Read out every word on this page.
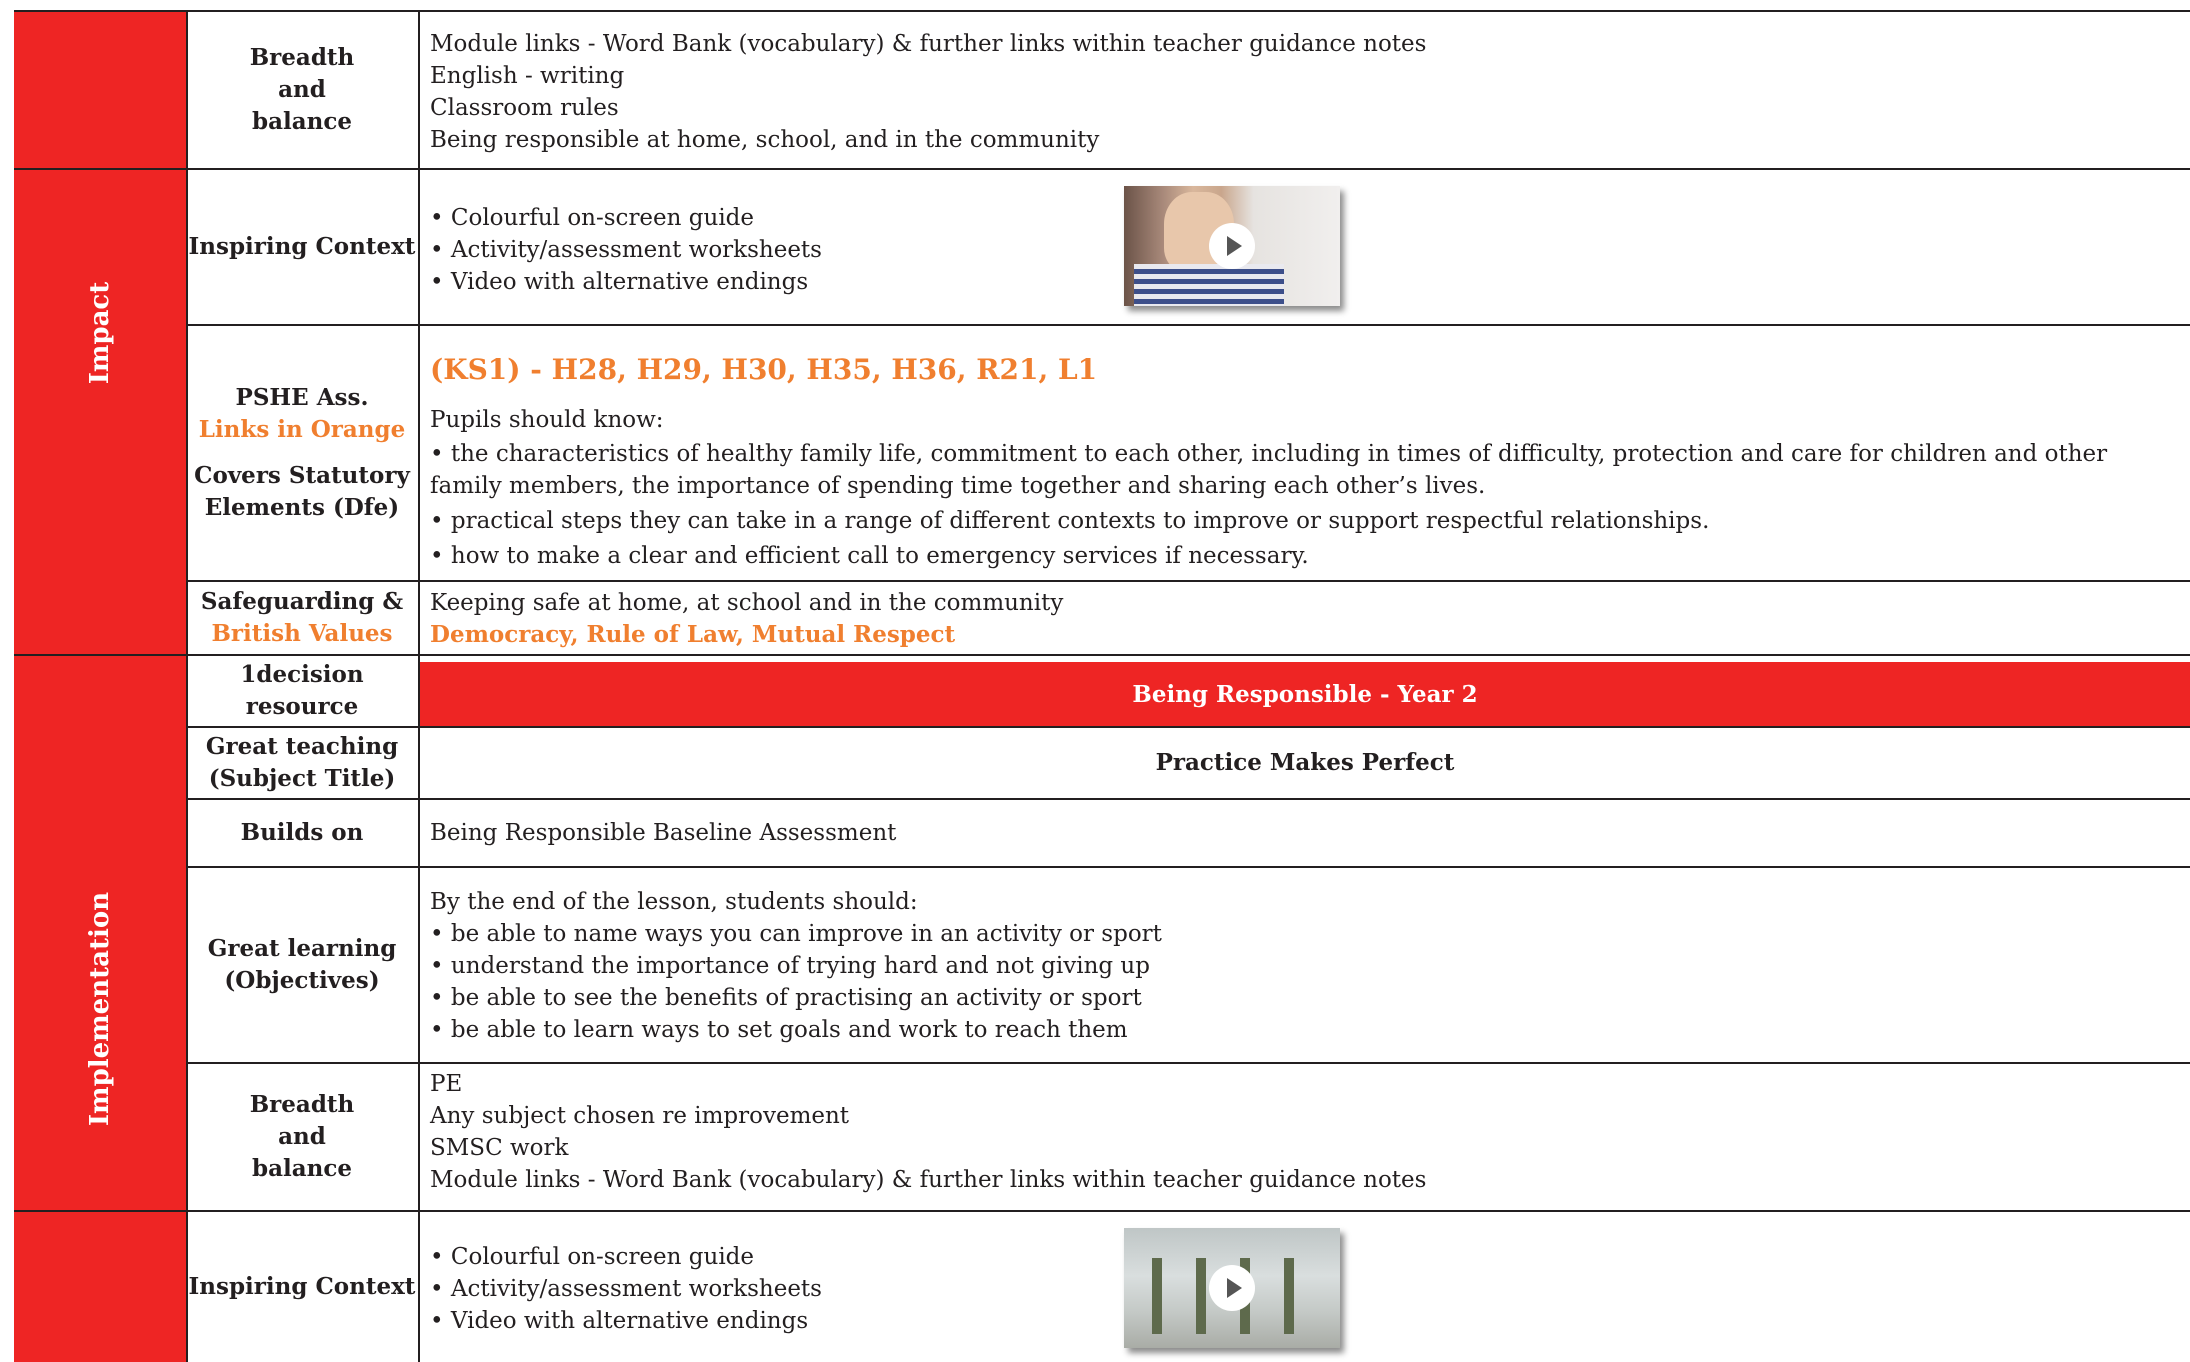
Impact
Implementation
Breadth and balance

Module links - Word Bank (vocabulary) & further links within teacher guidance notes

English - writing

Classroom rules

Being responsible at home, school, and in the community

Inspiring Context

• Colourful on-screen guide

• Activity/assessment worksheets

• Video with alternative endings

PSHE Ass.
Links in Orange
Covers Statutory
Elements (Dfe)

(KS1) - H28, H29, H30, H35, H36, R21, L1

Pupils should know:

• the characteristics of healthy family life, commitment to each other, including in times of difficulty, protection and care for children and other family members, the importance of spending time together and sharing each other’s lives.

• practical steps they can take in a range of different contexts to improve or support respectful relationships.

• how to make a clear and efficient call to emergency services if necessary.

Safeguarding &
British Values

Keeping safe at home, at school and in the community

Democracy, Rule of Law, Mutual Respect

1decision resource	Being Responsible - Year 2
Great teaching
(Subject Title)
Practice Makes Perfect
Builds on	Being Responsible Baseline Assessment
Great learning
(Objectives)

By the end of the lesson, students should:

• be able to name ways you can improve in an activity or sport

• understand the importance of trying hard and not giving up

• be able to see the benefits of practising an activity or sport

• be able to learn ways to set goals and work to reach them

Breadth and balance

PE

Any subject chosen re improvement

SMSC work

Module links - Word Bank (vocabulary) & further links within teacher guidance notes

Inspiring Context

• Colourful on-screen guide

• Activity/assessment worksheets

• Video with alternative endings
